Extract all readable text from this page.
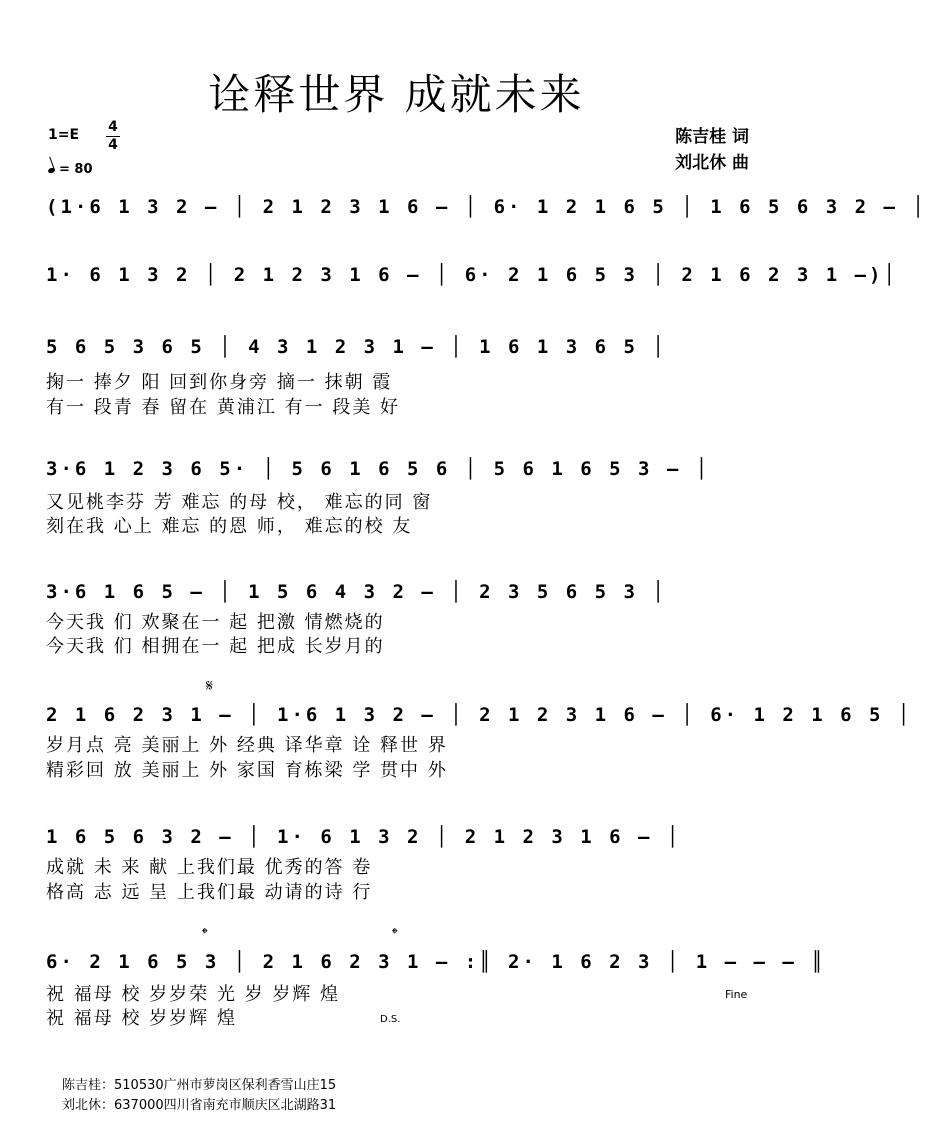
诠释世界 成就未来
陈吉桂 词
刘北休 曲
1=E 4
4
= 80
(1·6 1 3 2 – │ 2 1 2 3 1 6 – │ 6· 1 2 1 6 5 │ 1 6 5 6 3 2 – │
1· 6 1 3 2 │ 2 1 2 3 1 6 – │ 6· 2 1 6 5 3 │ 2 1 6 2 3 1 –)│
5 6 5 3 6 5 │ 4 3 1 2 3 1 – │ 1 6 1 3 6 5 │
掬一 捧夕 阳 回到你身旁 摘一 抹朝 霞
有一 段青 春 留在 黄浦江 有一 段美 好
3·6 1 2 3 6 5· │ 5 6 1 6 5 6 │ 5 6 1 6 5 3 – │
又见桃李芬 芳 难忘 的母 校， 难忘的同 窗
刻在我 心上 难忘 的恩 师， 难忘的校 友
3·6 1 6 5 – │ 1 5 6 4 3 2 – │ 2 3 5 6 5 3 │
今天我 们 欢聚在一 起 把激 情燃烧的
今天我 们 相拥在一 起 把成 长岁月的
𝄋
2 1 6 2 3 1 – │ 1·6 1 3 2 – │ 2 1 2 3 1 6 – │ 6· 1 2 1 6 5 │
岁月点 亮 美丽上 外 经典 译华章 诠 释世 界
精彩回 放 美丽上 外 家国 育栋梁 学 贯中 外
1 6 5 6 3 2 – │ 1· 6 1 3 2 │ 2 1 2 3 1 6 – │
成就 未 来 献 上我们最 优秀的答 卷
格高 志 远 呈 上我们最 动请的诗 行
𝄌	𝄌
6· 2 1 6 5 3 │ 2 1 6 2 3 1 – :║ 2· 1 6 2 3 │ 1 – – – ║
祝 福母 校 岁岁荣 光 岁 岁辉 煌
祝 福母 校 岁岁辉 煌
Fine
D.S.
陈吉桂：510530广州市萝岗区保利香雪山庄15
刘北休：637000四川省南充市顺庆区北湖路31
